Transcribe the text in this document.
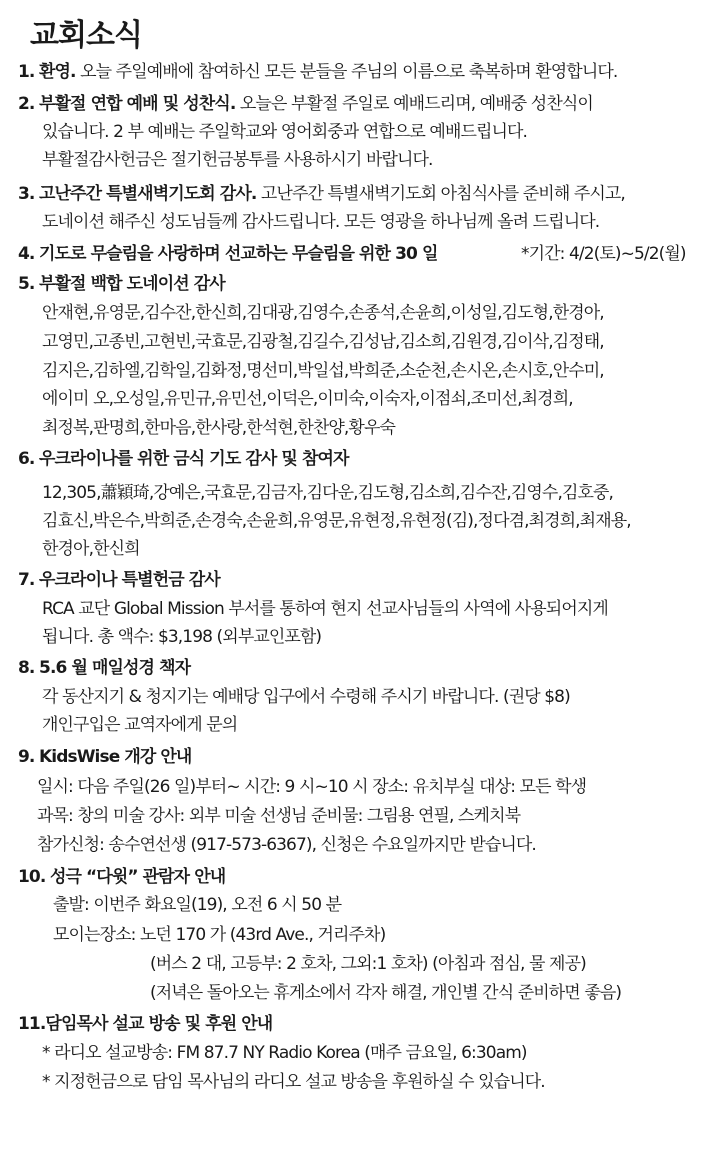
교회소식
1. 환영. 오늘 주일예배에 참여하신 모든 분들을 주님의 이름으로 축복하며 환영합니다.
2. 부활절 연합 예배 및 성찬식. 오늘은 부활절 주일로 예배드리며, 예배중 성찬식이
있습니다. 2 부 예배는 주일학교와 영어회중과 연합으로 예배드립니다.
부활절감사헌금은 절기헌금봉투를 사용하시기 바랍니다.
3. 고난주간 특별새벽기도회 감사. 고난주간 특별새벽기도회 아침식사를 준비해 주시고,
도네이션 해주신 성도님들께 감사드립니다. 모든 영광을 하나님께 올려 드립니다.
4. 기도로 무슬림을 사랑하며 선교하는 무슬림을 위한 30 일	*기간: 4/2(토)~5/2(월)
5. 부활절 백합 도네이션 감사
안재현,유영문,김수잔,한신희,김대광,김영수,손종석,손윤희,이성일,김도형,한경아,
고영민,고종빈,고현빈,국효문,김광철,김길수,김성남,김소희,김원경,김이삭,김정태,
김지은,김하엘,김학일,김화정,명선미,박일섭,박희준,소순천,손시온,손시호,안수미,
에이미 오,오성일,유민규,유민선,이덕은,이미숙,이숙자,이점쇠,조미선,최경희,
최정복,판명희,한마음,한사랑,한석현,한찬양,황우숙
6. 우크라이나를 위한 금식 기도 감사 및 참여자
12,305,蕭穎琦,강예은,국효문,김금자,김다운,김도형,김소희,김수잔,김영수,김호중,
김효신,박은수,박희준,손경숙,손윤희,유영문,유현정,유현정(김),정다겸,최경희,최재용,
한경아,한신희
7. 우크라이나 특별헌금 감사
RCA 교단 Global Mission 부서를 통하여 현지 선교사님들의 사역에 사용되어지게
됩니다. 총 액수: $3,198 (외부교인포함)
8. 5.6 월 매일성경 책자
각 동산지기 & 청지기는 예배당 입구에서 수령해 주시기 바랍니다. (권당 $8)
개인구입은 교역자에게 문의
9. KidsWise 개강 안내
일시: 다음 주일(26 일)부터~ 시간: 9 시~10 시 장소: 유치부실 대상: 모든 학생
과목: 창의 미술 강사: 외부 미술 선생님 준비물: 그림용 연필, 스케치북
참가신청: 송수연선생 (917-573-6367), 신청은 수요일까지만 받습니다.
10. 성극 “다윗” 관람자 안내
출발: 이번주 화요일(19), 오전 6 시 50 분
모이는장소: 노던 170 가 (43rd Ave., 거리주차)
(버스 2 대, 고등부: 2 호차, 그외:1 호차) (아침과 점심, 물 제공)
(저녁은 돌아오는 휴게소에서 각자 해결, 개인별 간식 준비하면 좋음)
11.담임목사 설교 방송 및 후원 안내
* 라디오 설교방송: FM 87.7 NY Radio Korea (매주 금요일, 6:30am)
* 지정헌금으로 담임 목사님의 라디오 설교 방송을 후원하실 수 있습니다.
